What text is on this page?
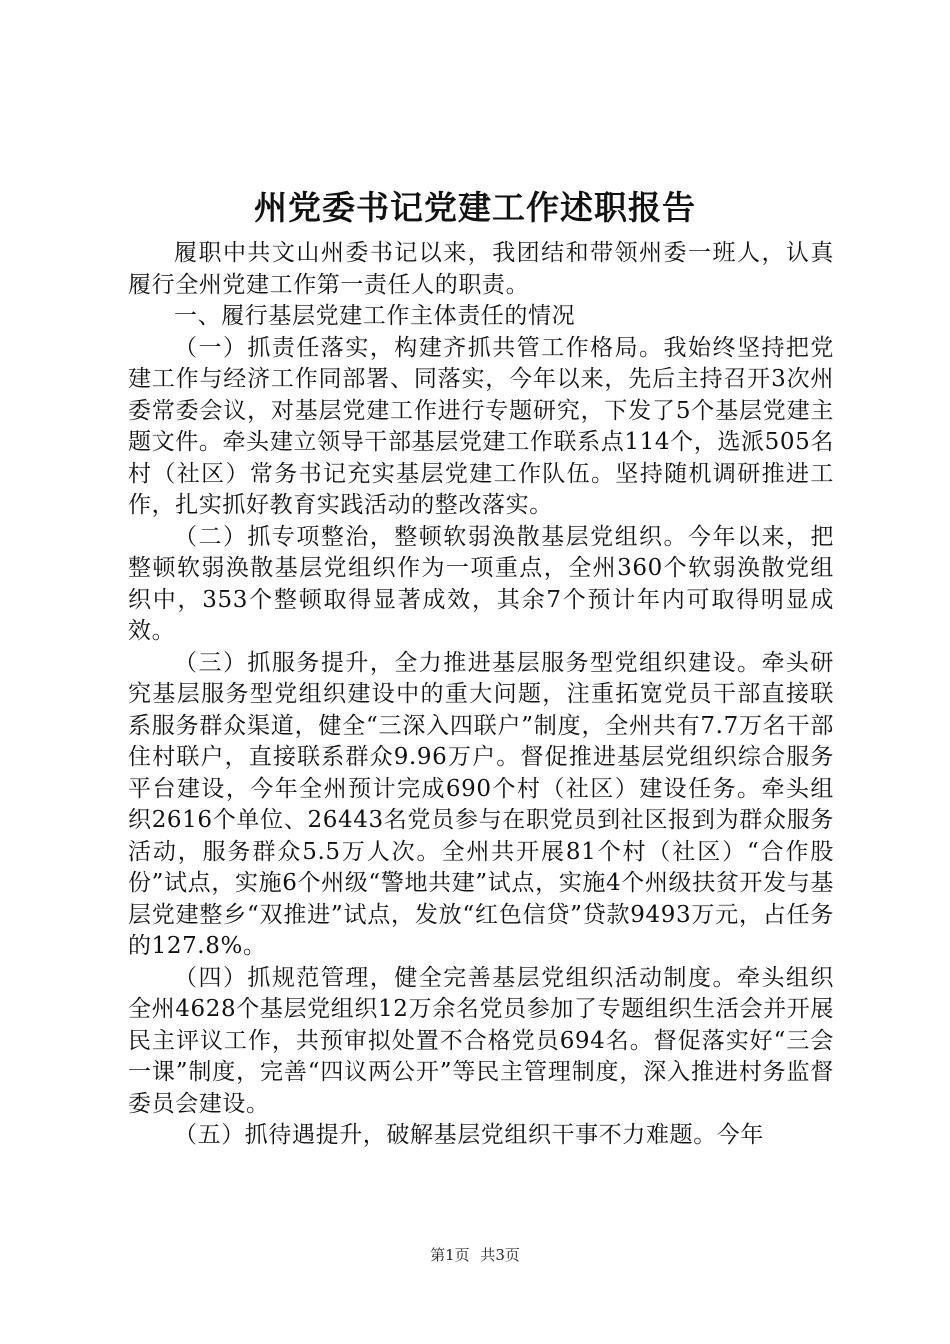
州党委书记党建工作述职报告

履职中共文山州委书记以来，我团结和带领州委一班人，认真履行全州党建工作第一责任人的职责。

一、履行基层党建工作主体责任的情况

（一）抓责任落实，构建齐抓共管工作格局。我始终坚持把党建工作与经济工作同部署、同落实，今年以来，先后主持召开3次州委常委会议，对基层党建工作进行专题研究，下发了5个基层党建主题文件。牵头建立领导干部基层党建工作联系点114个，选派505名村（社区）常务书记充实基层党建工作队伍。坚持随机调研推进工作，扎实抓好教育实践活动的整改落实。

（二）抓专项整治，整顿软弱涣散基层党组织。今年以来，把整顿软弱涣散基层党组织作为一项重点，全州360个软弱涣散党组织中，353个整顿取得显著成效，其余7个预计年内可取得明显成效。

（三）抓服务提升，全力推进基层服务型党组织建设。牵头研究基层服务型党组织建设中的重大问题，注重拓宽党员干部直接联系服务群众渠道，健全“三深入四联户”制度，全州共有7.7万名干部住村联户，直接联系群众9.96万户。督促推进基层党组织综合服务平台建设，今年全州预计完成690个村（社区）建设任务。牵头组织2616个单位、26443名党员参与在职党员到社区报到为群众服务活动，服务群众5.5万人次。全州共开展81个村（社区）“合作股份”试点，实施6个州级“警地共建”试点，实施4个州级扶贫开发与基层党建整乡“双推进”试点，发放“红色信贷”贷款9493万元，占任务的127.8%。

（四）抓规范管理，健全完善基层党组织活动制度。牵头组织全州4628个基层党组织12万余名党员参加了专题组织生活会并开展民主评议工作，共预审拟处置不合格党员694名。督促落实好“三会一课”制度，完善“四议两公开”等民主管理制度，深入推进村务监督委员会建设。

（五）抓待遇提升，破解基层党组织干事不力难题。今年

第1页 共3页
